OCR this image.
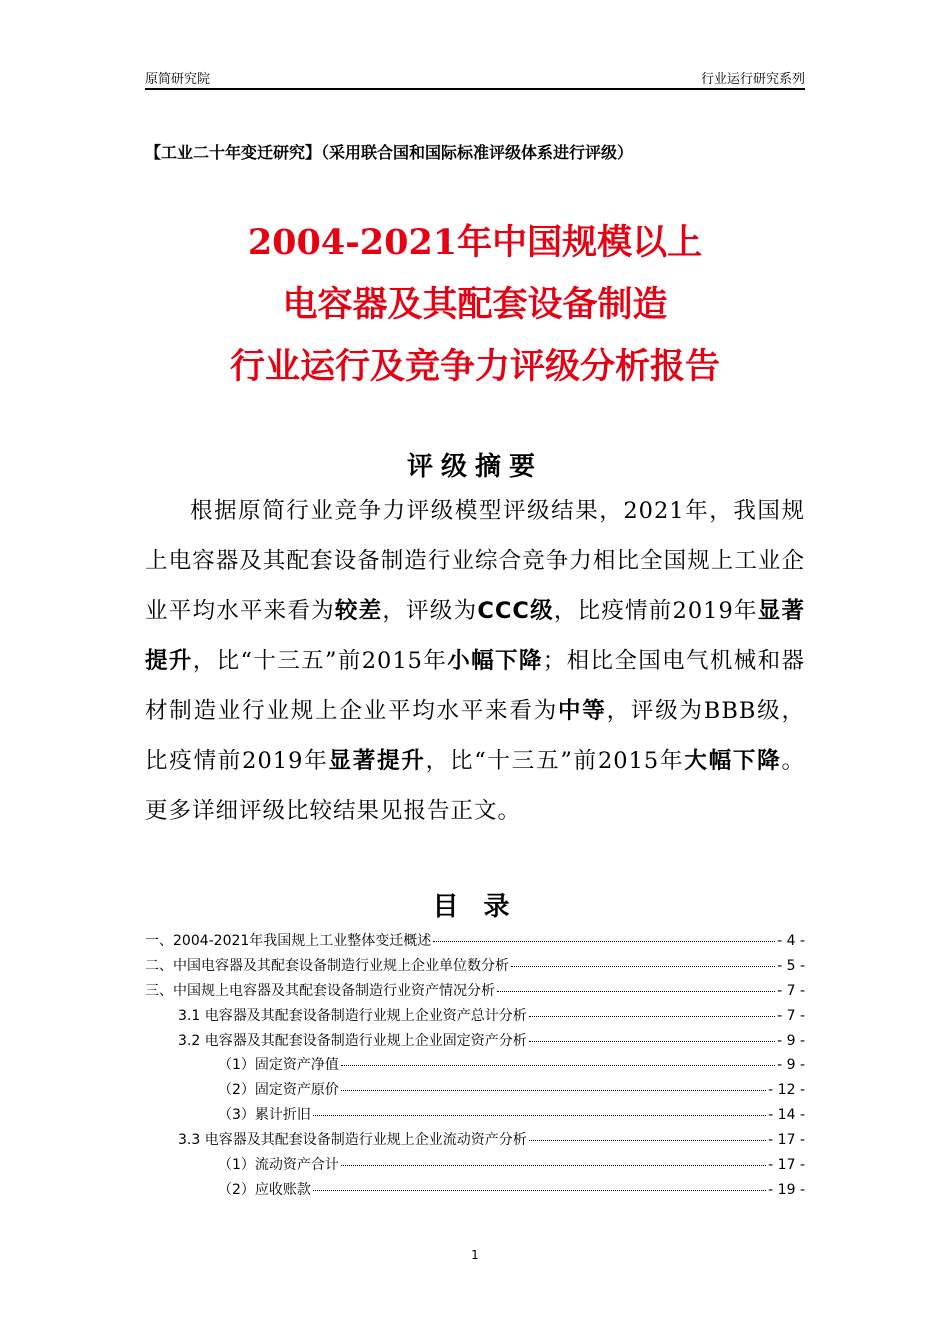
原简研究院	行业运行研究系列
【工业二十年变迁研究】（采用联合国和国际标准评级体系进行评级）
2004-2021年中国规模以上
电容器及其配套设备制造
行业运行及竞争力评级分析报告
评级摘要
根据原简行业竞争力评级模型评级结果，2021年，我国规上电容器及其配套设备制造行业综合竞争力相比全国规上工业企业平均水平来看为较差，评级为CCC级，比疫情前2019年显著提升，比“十三五”前2015年小幅下降；相比全国电气机械和器材制造业行业规上企业平均水平来看为中等，评级为BBB级，比疫情前2019年显著提升，比“十三五”前2015年大幅下降。更多详细评级比较结果见报告正文。
目 录
一、2004-2021年我国规上工业整体变迁概述	- 4 -
二、中国电容器及其配套设备制造行业规上企业单位数分析	- 5 -
三、中国规上电容器及其配套设备制造行业资产情况分析	- 7 -
3.1 电容器及其配套设备制造行业规上企业资产总计分析	- 7 -
3.2 电容器及其配套设备制造行业规上企业固定资产分析	- 9 -
（1）固定资产净值	- 9 -
（2）固定资产原价	- 12 -
（3）累计折旧	- 14 -
3.3 电容器及其配套设备制造行业规上企业流动资产分析	- 17 -
（1）流动资产合计	- 17 -
（2）应收账款	- 19 -
1
